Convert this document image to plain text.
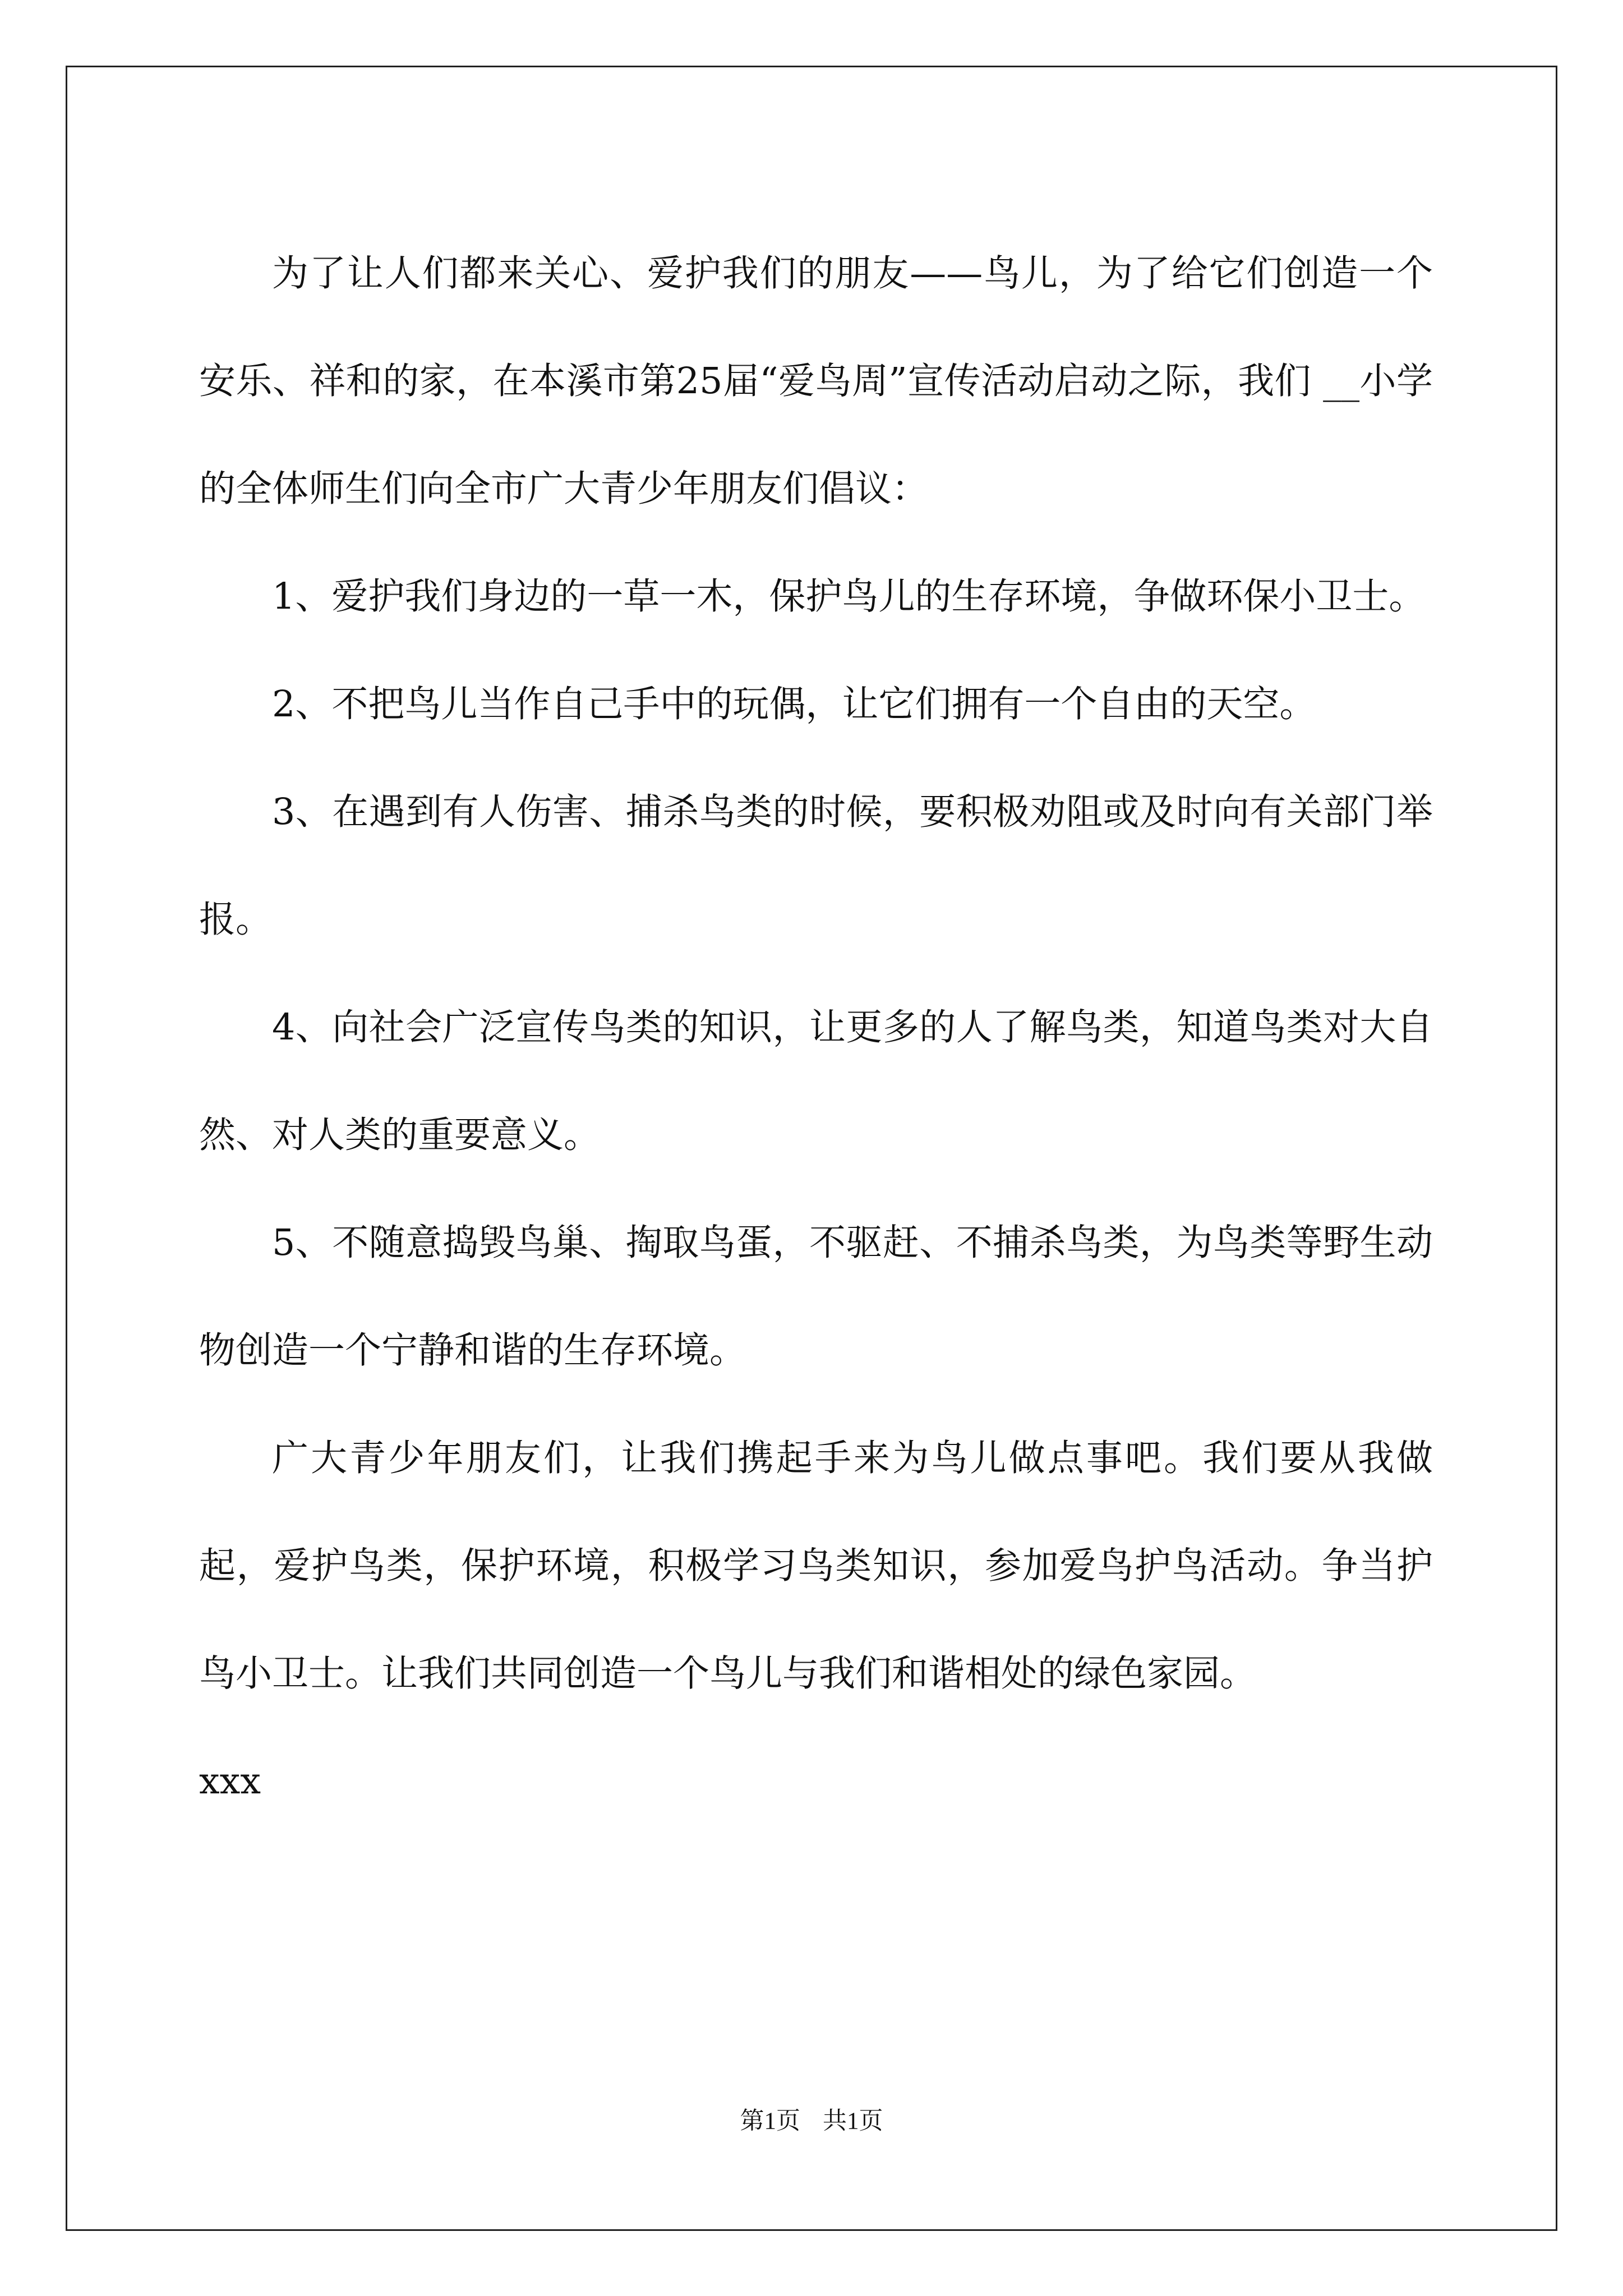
为了让人们都来关心、爱护我们的朋友——鸟儿，为了给它们创造一个安乐、祥和的家，在本溪市第25届“爱鸟周”宣传活动启动之际，我们 __小学的全体师生们向全市广大青少年朋友们倡议：

1、爱护我们身边的一草一木，保护鸟儿的生存环境，争做环保小卫士。

2、不把鸟儿当作自己手中的玩偶，让它们拥有一个自由的天空。

3、在遇到有人伤害、捕杀鸟类的时候，要积极劝阻或及时向有关部门举报。

4、向社会广泛宣传鸟类的知识，让更多的人了解鸟类，知道鸟类对大自然、对人类的重要意义。

5、不随意捣毁鸟巢、掏取鸟蛋，不驱赶、不捕杀鸟类，为鸟类等野生动物创造一个宁静和谐的生存环境。

广大青少年朋友们，让我们携起手来为鸟儿做点事吧。我们要从我做起，爱护鸟类，保护环境，积极学习鸟类知识，参加爱鸟护鸟活动。争当护鸟小卫士。让我们共同创造一个鸟儿与我们和谐相处的绿色家园。

xxx

第1页 共1页
